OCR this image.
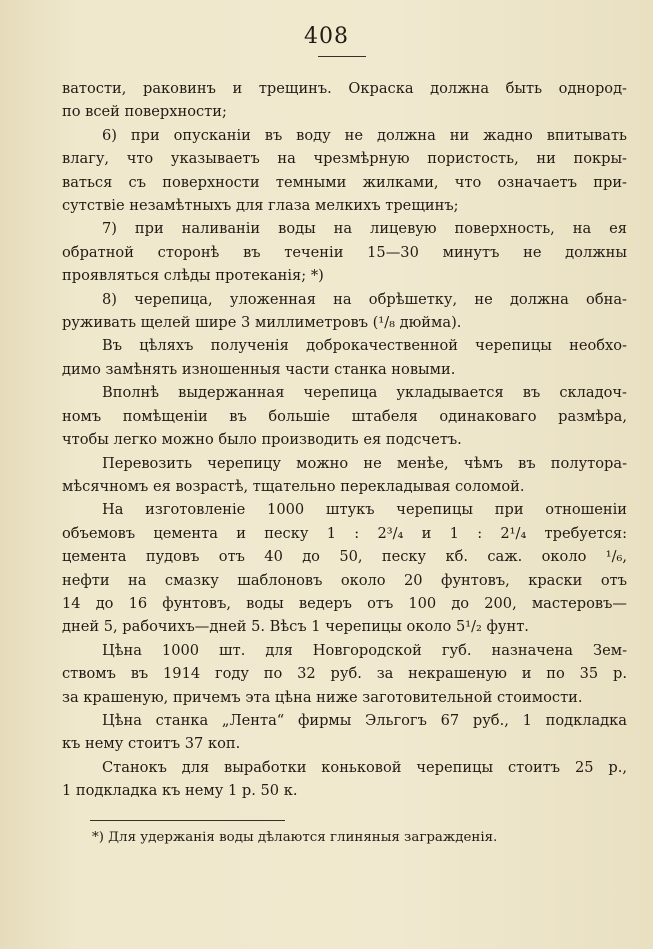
408
ватости, раковинъ и трещинъ. Окраска должна быть однород-
по всей поверхности;
6) при опусканiи въ воду не должна ни жадно впитывать
влагу, что указываетъ на чрезмѣрную пористость, ни покры-
ваться съ поверхности темными жилками, что означаетъ при-
сутствiе незамѣтныхъ для глаза мелкихъ трещинъ;
7) при наливанiи воды на лицевую поверхность, на ея
обратной сторонѣ въ теченiи 15—30 минутъ не должны
проявляться слѣды протеканiя; *)
8) черепица, уложенная на обрѣшетку, не должна обна-
руживать щелей шире 3 миллиметровъ (¹/₈ дюйма).
Въ цѣляхъ полученiя доброкачественной черепицы необхо-
димо замѣнять изношенныя части станка новыми.
Вполнѣ выдержанная черепица укладывается въ складоч-
номъ помѣщенiи въ большiе штабеля одинаковаго размѣра,
чтобы легко можно было производить ея подсчетъ.
Перевозить черепицу можно не менѣе, чѣмъ въ полутора-
мѣсячномъ ея возрастѣ, тщательно перекладывая соломой.
На изготовленiе 1000 штукъ черепицы при отношенiи
объемовъ цемента и песку 1 : 2³/₄ и 1 : 2¹/₄ требуется:
цемента пудовъ отъ 40 до 50, песку кб. саж. около ¹/₆,
нефти на смазку шаблоновъ около 20 фунтовъ, краски отъ
14 до 16 фунтовъ, воды ведеръ отъ 100 до 200, мастеровъ—
дней 5, рабочихъ—дней 5. Вѣсъ 1 черепицы около 5¹/₂ фунт.
Цѣна 1000 шт. для Новгородской губ. назначена Зем-
ствомъ въ 1914 году по 32 руб. за некрашеную и по 35 р.
за крашеную, причемъ эта цѣна ниже заготовительной стоимости.
Цѣна станка „Лента“ фирмы Эльгогъ 67 руб., 1 подкладка
къ нему стоитъ 37 коп.
Станокъ для выработки коньковой черепицы стоитъ 25 р.,
1 подкладка къ нему 1 р. 50 к.
*) Для удержанiя воды дѣлаются глиняныя загражденiя.
